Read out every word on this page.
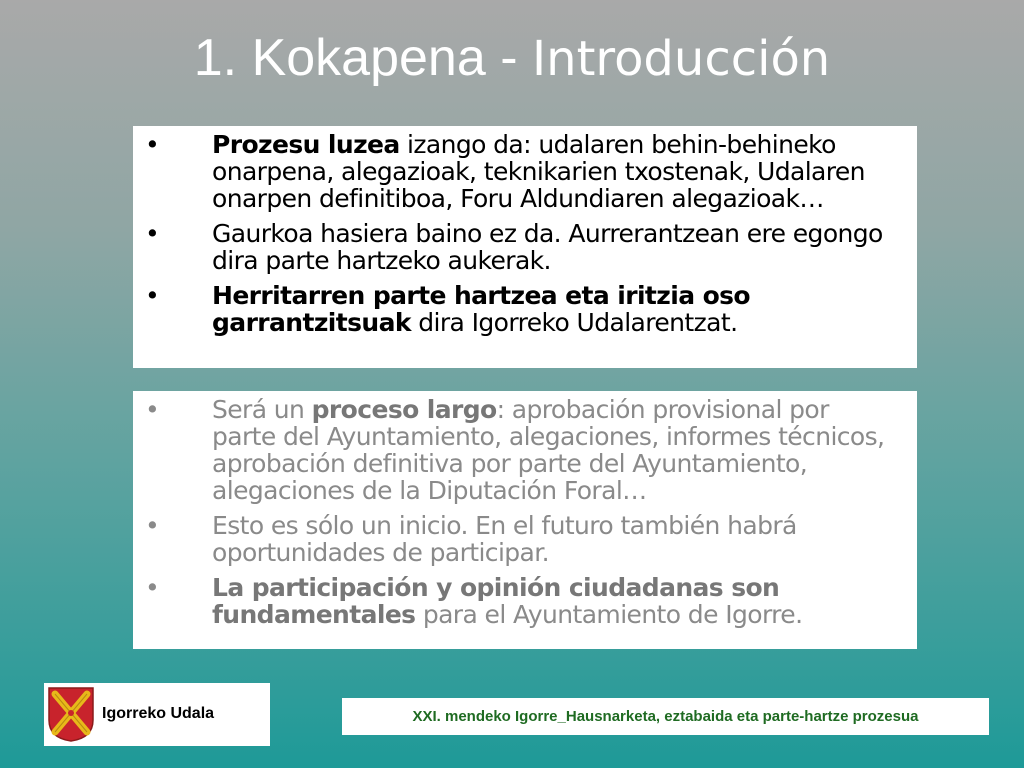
1. Kokapena - Introducción
• Prozesu luzea izango da: udalaren behin-behineko onarpena, alegazioak, teknikarien txostenak, Udalaren onarpen definitiboa, Foru Aldundiaren alegazioak…
• Gaurkoa hasiera baino ez da. Aurrerantzean ere egongo dira parte hartzeko aukerak.
• Herritarren parte hartzea eta iritzia oso garrantzitsuak dira Igorreko Udalarentzat.
• Será un proceso largo: aprobación provisional por parte del Ayuntamiento, alegaciones, informes técnicos, aprobación definitiva por parte del Ayuntamiento, alegaciones de la Diputación Foral…
• Esto es sólo un inicio. En el futuro también habrá oportunidades de participar.
• La participación y opinión ciudadanas son fundamentales para el Ayuntamiento de Igorre.
Igorreko Udala	XXI. mendeko Igorre_Hausnarketa, eztabaida eta parte-hartze prozesua
